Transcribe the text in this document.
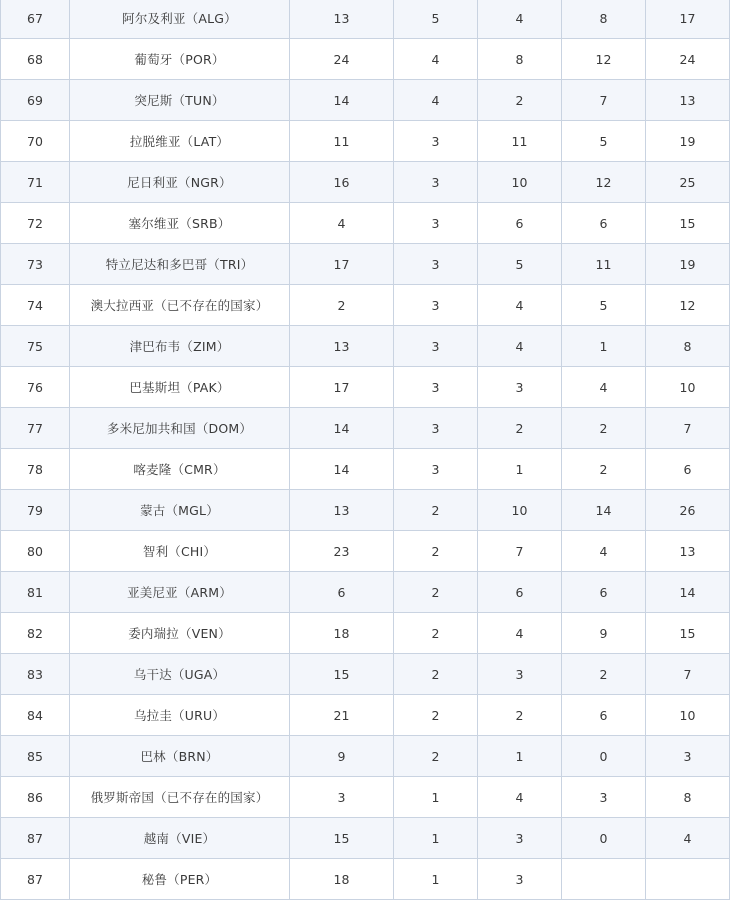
67	阿尔及利亚（ALG）	13	5	4	8	17
68	葡萄牙（POR）	24	4	8	12	24
69	突尼斯（TUN）	14	4	2	7	13
70	拉脱维亚（LAT）	11	3	11	5	19
71	尼日利亚（NGR）	16	3	10	12	25
72	塞尔维亚（SRB）	4	3	6	6	15
73	特立尼达和多巴哥（TRI）	17	3	5	11	19
74	澳大拉西亚（已不存在的国家）	2	3	4	5	12
75	津巴布韦（ZIM）	13	3	4	1	8
76	巴基斯坦（PAK）	17	3	3	4	10
77	多米尼加共和国（DOM）	14	3	2	2	7
78	喀麦隆（CMR）	14	3	1	2	6
79	蒙古（MGL）	13	2	10	14	26
80	智利（CHI）	23	2	7	4	13
81	亚美尼亚（ARM）	6	2	6	6	14
82	委内瑞拉（VEN）	18	2	4	9	15
83	乌干达（UGA）	15	2	3	2	7
84	乌拉圭（URU）	21	2	2	6	10
85	巴林（BRN）	9	2	1	0	3
86	俄罗斯帝国（已不存在的国家）	3	1	4	3	8
87	越南（VIE）	15	1	3	0	4
87	秘鲁（PER）	18	1	3		
